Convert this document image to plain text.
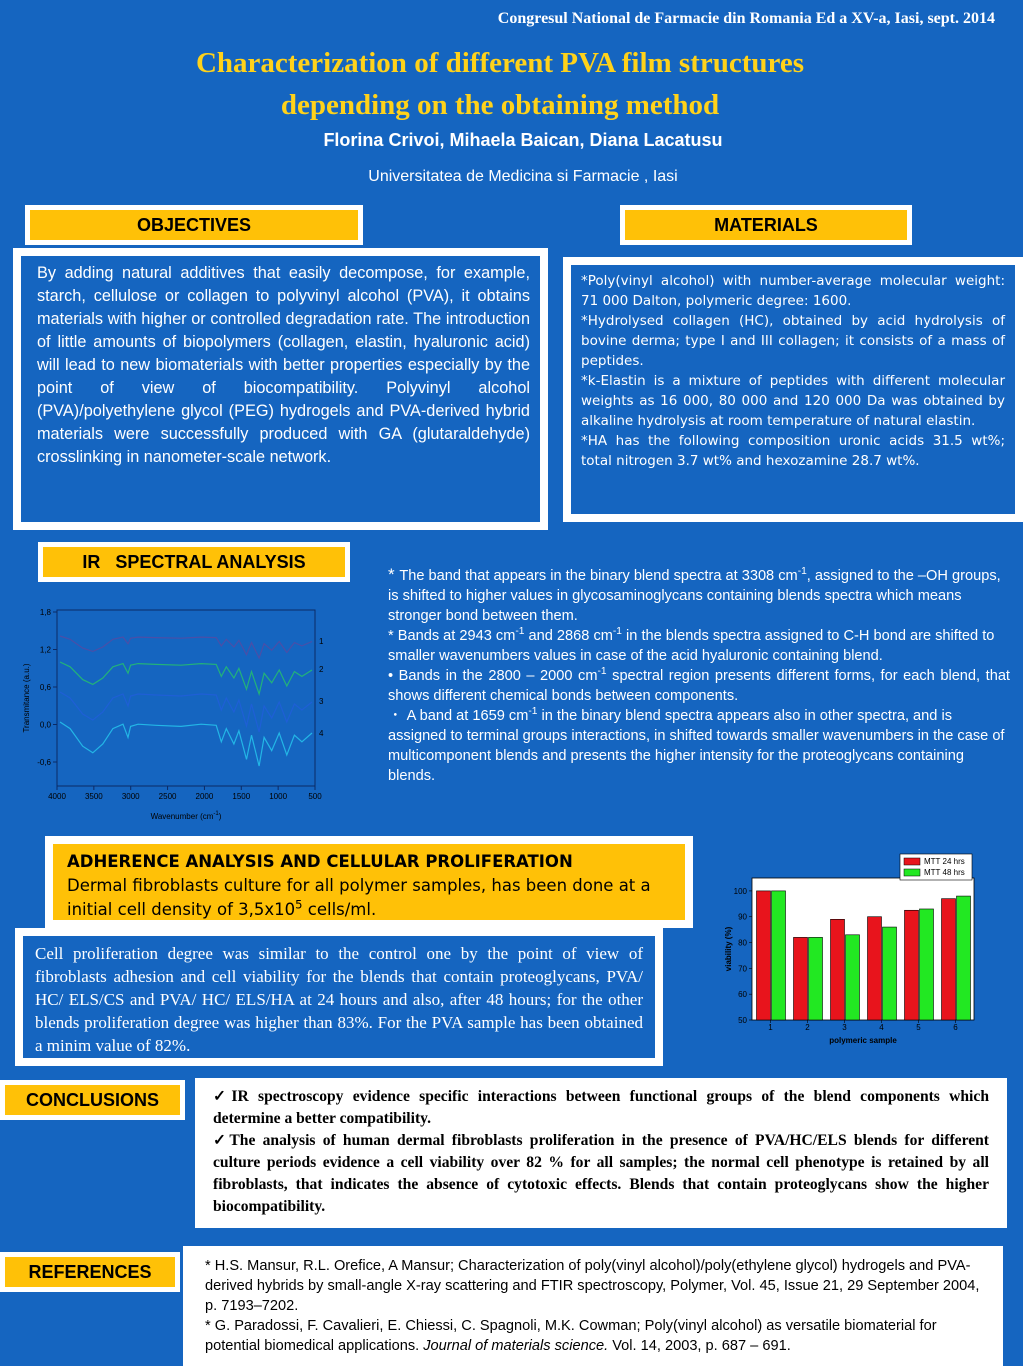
Congresul National de Farmacie din Romania Ed a XV-a, Iasi, sept. 2014
Characterization of different PVA film structures
depending on the obtaining method
Florina Crivoi, Mihaela Baican, Diana Lacatusu
Universitatea de Medicina si Farmacie , Iasi
OBJECTIVES	MATERIALS
By adding natural additives that easily decompose, for example, starch, cellulose or collagen to polyvinyl alcohol (PVA), it obtains materials with higher or controlled degradation rate. The introduction of little amounts of biopolymers (collagen, elastin, hyaluronic acid) will lead to new biomaterials with better properties especially by the point of view of biocompatibility. Polyvinyl alcohol (PVA)/polyethylene glycol (PEG) hydrogels and PVA-derived hybrid materials were successfully produced with GA (glutaraldehyde) crosslinking in nanometer-scale network.
*Poly(vinyl alcohol) with number-average molecular weight: 71 000 Dalton, polymeric degree: 1600.
*Hydrolysed collagen (HC), obtained by acid hydrolysis of bovine derma; type I and III collagen; it consists of a mass of peptides.
*k-Elastin is a mixture of peptides with different molecular weights as 16 000, 80 000 and 120 000 Da was obtained by alkaline hydrolysis at room temperature of natural elastin.
*HA has the following composition uronic acids 31.5 wt%; total nitrogen 3.7 wt% and hexozamine 28.7 wt%.
IR   SPECTRAL ANALYSIS
1,8
1,2
0,6
0,0
-0,6
4000 3500 3000 2500 2000 1500 1000	500
Wavenumber $(cm^{-1})$
Transmitance (a.u.)
1
2
3
4

* The band that appears in the binary blend spectra at 3308 $cm^{-1}$, assigned to the –OH groups, is shifted to higher values in glycosaminoglycans containing blends spectra which means stronger bond between them.

* Bands at 2943 $cm^{-1}$ and 2868 $cm^{-1}$ in the blends spectra assigned to C-H bond are shifted to smaller wavenumbers values in case of the acid hyaluronic containing blend.

• Bands in the 2800 – 2000 $cm^{-1}$ spectral region presents different forms, for each blend, that shows different chemical bonds between components.

・ A band at 1659 $cm^{-1}$ in the binary blend spectra appears also in other spectra, and is assigned to terminal groups interactions, in shifted towards smaller wavenumbers in the case of multicomponent blends and presents the higher intensity for the proteoglycans containing blends.

ADHERENCE ANALYSIS AND CELLULAR PROLIFERATION
Dermal fibroblasts culture for all polymer samples, has been done at a initial cell density of $3,5x10^5$ cells/ml.
Cell proliferation degree was similar to the control one by the point of view of fibroblasts adhesion and cell viability for the blends that contain proteoglycans, PVA/ HC/ ELS/CS and PVA/ HC/ ELS/HA at 24 hours and also, after 48 hours; for the other blends proliferation degree was higher than 83%. For the PVA sample has been obtained a minim value of 82%.
50
60
70
80
90
100
1	2	3	4	5	6
polymeric sample
viability (%)
MTT 24 hrs
MTT 48 hrs
CONCLUSIONS	✓IR spectroscopy evidence specific interactions between functional groups of the blend components which determine a better compatibility.

✓The analysis of human dermal fibroblasts proliferation in the presence of PVA/HC/ELS blends for different culture periods evidence a cell viability over 82 % for all samples; the normal cell phenotype is retained by all fibroblasts, that indicates the absence of cytotoxic effects. Blends that contain proteoglycans show the higher biocompatibility.

REFERENCES	* H.S. Mansur, R.L. Orefice, A Mansur; Characterization of poly(vinyl alcohol)/poly(ethylene glycol) hydrogels and PVA-derived hybrids by small-angle X-ray scattering and FTIR spectroscopy, Polymer, Vol. 45, Issue 21, 29 September 2004, p. 7193–7202.

* G. Paradossi, F. Cavalieri, E. Chiessi, C. Spagnoli, M.K. Cowman; Poly(vinyl alcohol) as versatile biomaterial for potential biomedical applications. Journal of materials science. Vol. 14, 2003, p. 687 – 691.
